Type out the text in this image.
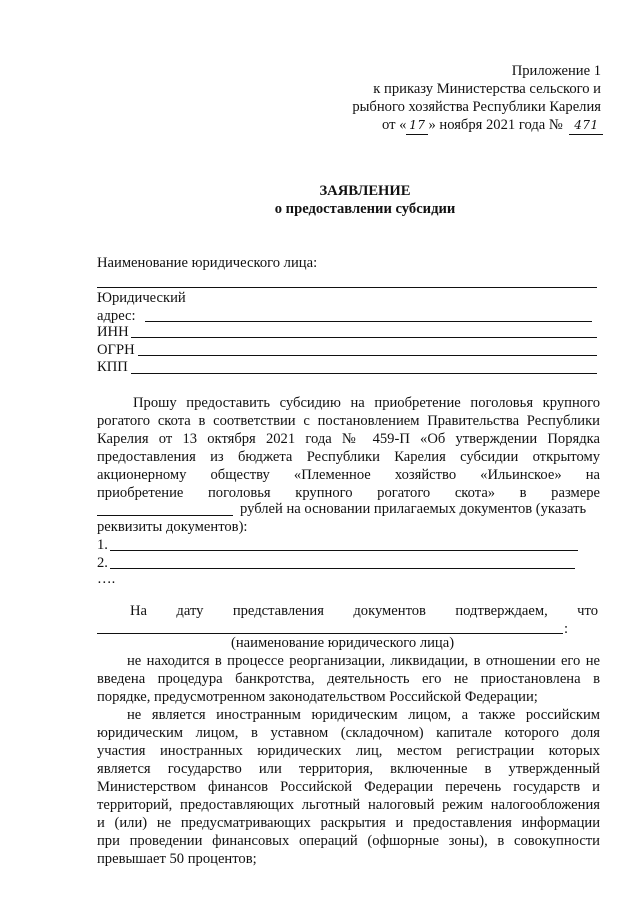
Приложение 1
к приказу Министерства сельского и
рыбного хозяйства Республики Карелия
от « 17 » ноября 2021 года № 471
ЗАЯВЛЕНИЕ
о предоставлении субсидии
Наименование юридического лица:
Юридический
адрес:
ИНН
ОГРН
КПП
Прошу предоставить субсидию на приобретение поголовья крупного
рогатого скота в соответствии с постановлением Правительства Республики
Карелия от 13 октября 2021 года № 459-П «Об утверждении Порядка
предоставления из бюджета Республики Карелия субсидии открытому
акционерному обществу «Племенное хозяйство «Ильинское» на
приобретение поголовья крупного рогатого скота» в размере
рублей на основании прилагаемых документов (указать
реквизиты документов):
1.
2.
….
На дату представления документов подтверждаем, что
:
(наименование юридического лица)
не находится в процессе реорганизации, ликвидации, в отношении его не
введена процедура банкротства, деятельность его не приостановлена в
порядке, предусмотренном законодательством Российской Федерации;
не является иностранным юридическим лицом, а также российским
юридическим лицом, в уставном (складочном) капитале которого доля
участия иностранных юридических лиц, местом регистрации которых
является государство или территория, включенные в утвержденный
Министерством финансов Российской Федерации перечень государств и
территорий, предоставляющих льготный налоговый режим налогообложения
и (или) не предусматривающих раскрытия и предоставления информации
при проведении финансовых операций (офшорные зоны), в совокупности
превышает 50 процентов;
